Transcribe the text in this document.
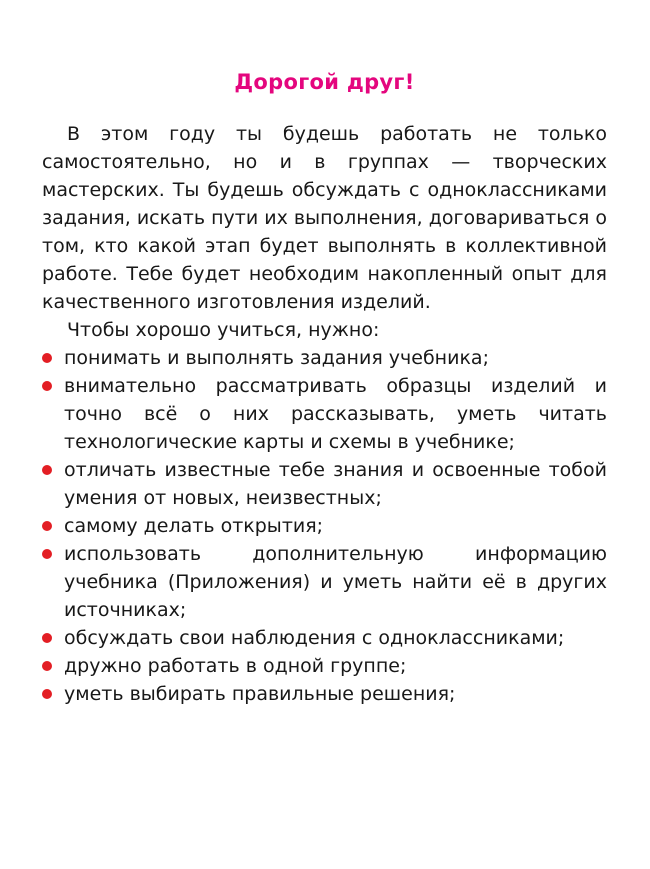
Дорогой друг!

В этом году ты будешь работать не только самостоятельно, но и в группах — творческих мастерских. Ты будешь обсуждать с одноклассниками задания, искать пути их выполнения, договариваться о том, кто какой этап будет выполнять в коллективной работе. Тебе будет необходим накопленный опыт для качественного изготовления изделий.

Чтобы хорошо учиться, нужно:

понимать и выполнять задания учебника;
внимательно рассматривать образцы изделий и точно всё о них рассказывать, уметь читать технологические карты и схемы в учебнике;
отличать известные тебе знания и освоенные тобой умения от новых, неизвестных;
самому делать открытия;
использовать дополнительную информацию учебника (Приложения) и уметь найти её в других источниках;
обсуждать свои наблюдения с одноклассниками;
дружно работать в одной группе;
уметь выбирать правильные решения;
